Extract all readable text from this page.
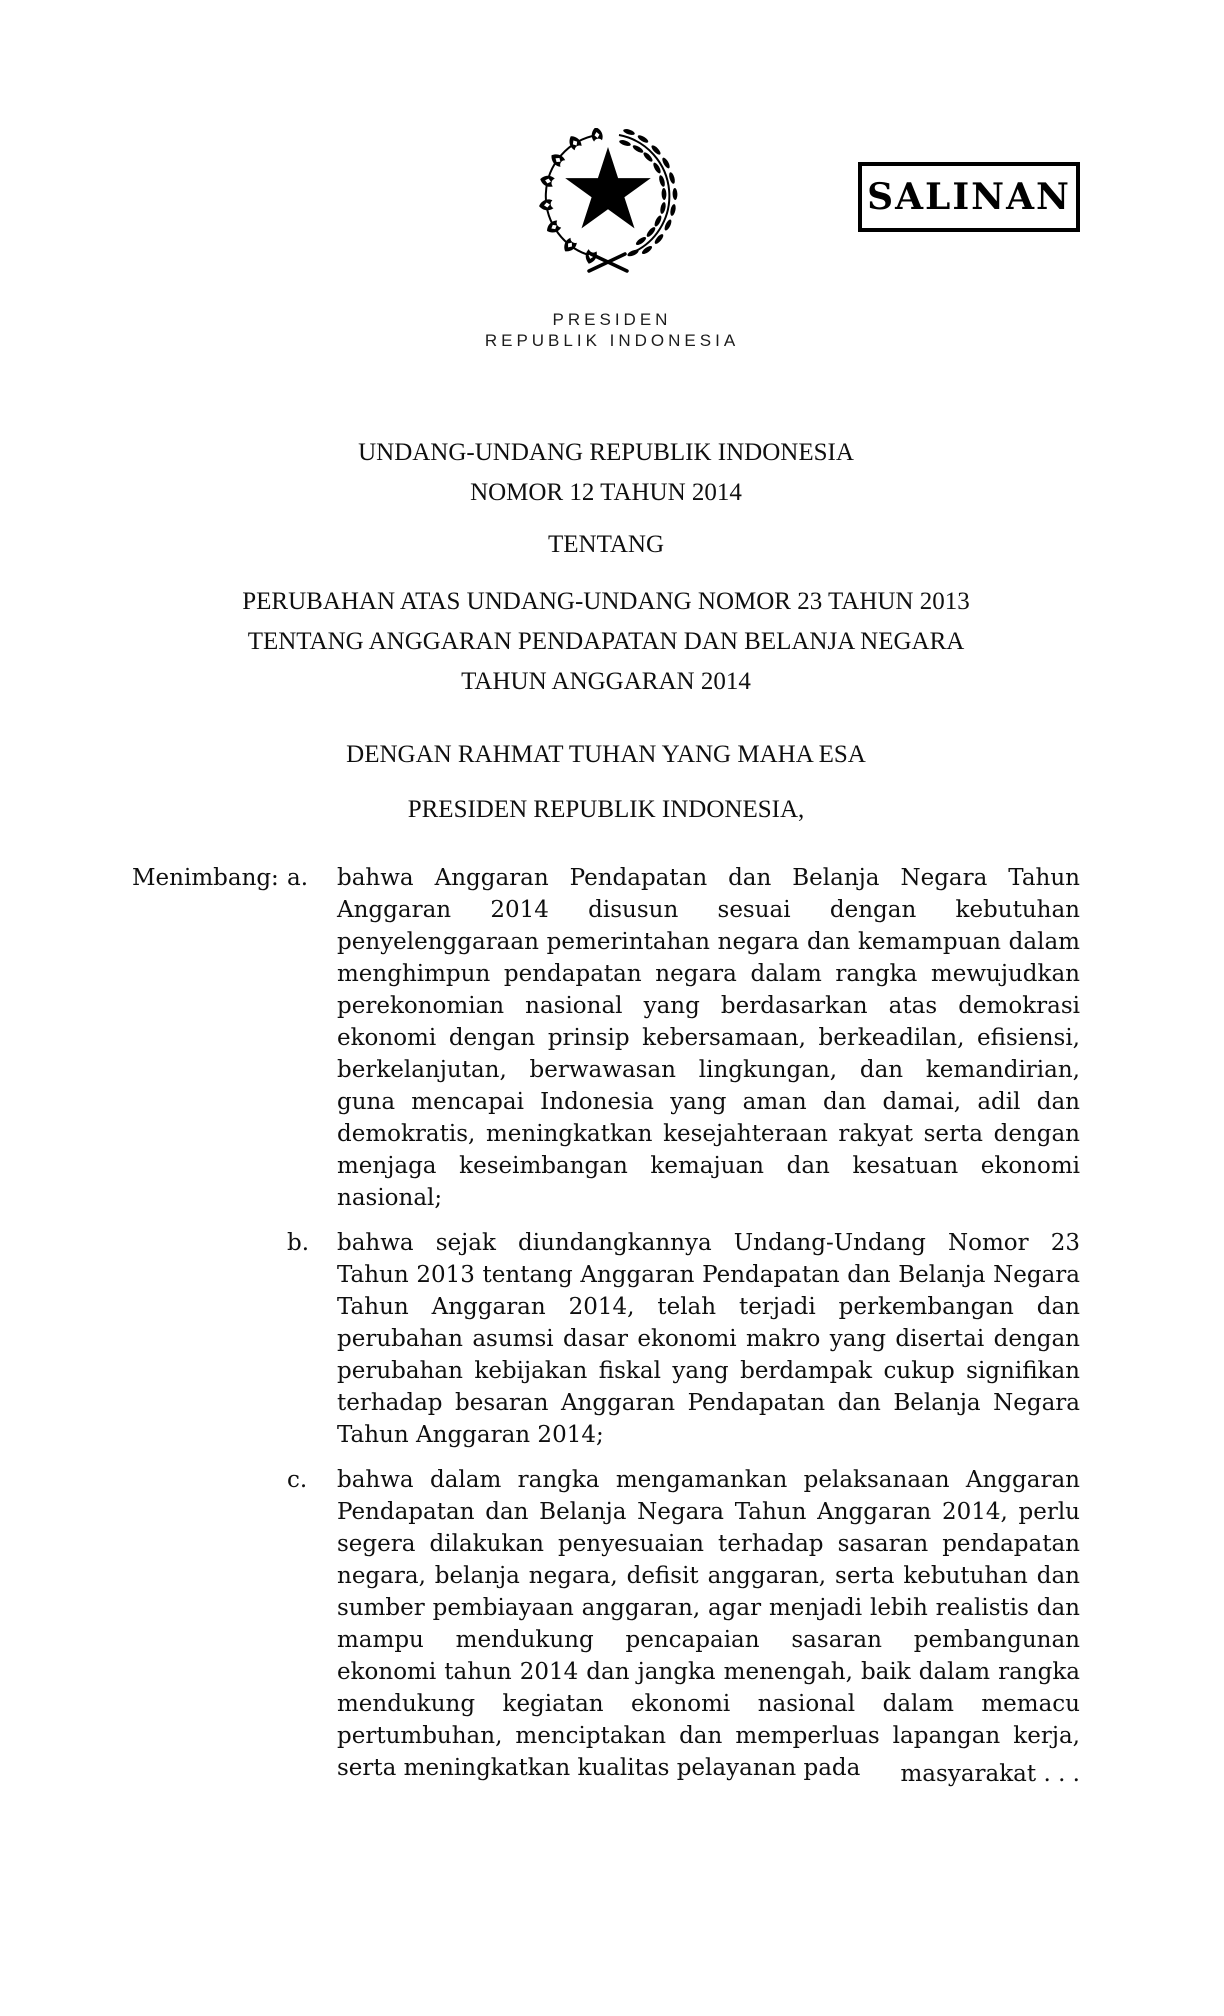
SALINAN
PRESIDEN
REPUBLIK INDONESIA
UNDANG-UNDANG REPUBLIK INDONESIA
NOMOR 12 TAHUN 2014
TENTANG
PERUBAHAN ATAS UNDANG-UNDANG NOMOR 23 TAHUN 2013
TENTANG ANGGARAN PENDAPATAN DAN BELANJA NEGARA
TAHUN ANGGARAN 2014
DENGAN RAHMAT TUHAN YANG MAHA ESA
PRESIDEN REPUBLIK INDONESIA,
Menimbang : a.	bahwa Anggaran Pendapatan dan Belanja Negara Tahun Anggaran 2014 disusun sesuai dengan kebutuhan penyelenggaraan pemerintahan negara dan kemampuan dalam menghimpun pendapatan negara dalam rangka mewujudkan perekonomian nasional yang berdasarkan atas demokrasi ekonomi dengan prinsip kebersamaan, berkeadilan, efisiensi, berkelanjutan, berwawasan lingkungan, dan kemandirian, guna mencapai Indonesia yang aman dan damai, adil dan demokratis, meningkatkan kesejahteraan rakyat serta dengan menjaga keseimbangan kemajuan dan kesatuan ekonomi nasional;
b.	bahwa sejak diundangkannya Undang-Undang Nomor 23 Tahun 2013 tentang Anggaran Pendapatan dan Belanja Negara Tahun Anggaran 2014, telah terjadi perkembangan dan perubahan asumsi dasar ekonomi makro yang disertai dengan perubahan kebijakan fiskal yang berdampak cukup signifikan terhadap besaran Anggaran Pendapatan dan Belanja Negara Tahun Anggaran 2014;
c.	bahwa dalam rangka mengamankan pelaksanaan Anggaran Pendapatan dan Belanja Negara Tahun Anggaran 2014, perlu segera dilakukan penyesuaian terhadap sasaran pendapatan negara, belanja negara, defisit anggaran, serta kebutuhan dan sumber pembiayaan anggaran, agar menjadi lebih realistis dan mampu mendukung pencapaian sasaran pembangunan ekonomi tahun 2014 dan jangka menengah, baik dalam rangka mendukung kegiatan ekonomi nasional dalam memacu pertumbuhan, menciptakan dan memperluas lapangan kerja, serta meningkatkan kualitas pelayanan pada	masyarakat . . .
